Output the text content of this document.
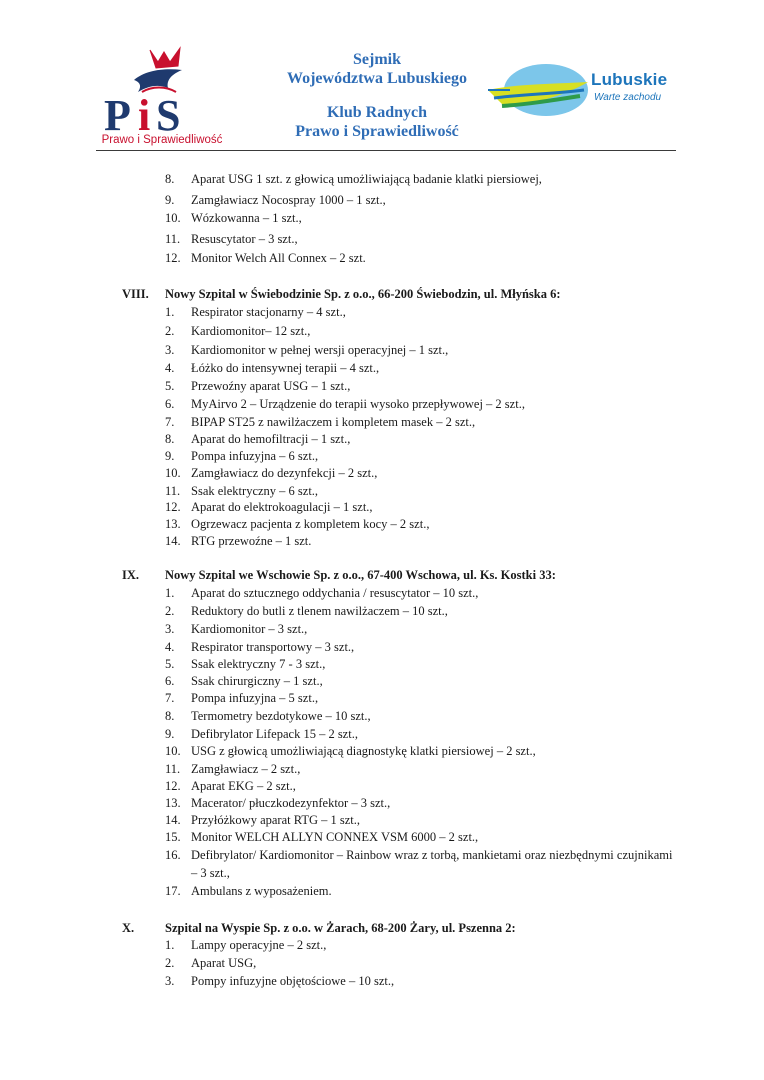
P i S
Prawo i Sprawiedliwość
Sejmik
Województwa Lubuskiego
Klub Radnych
Prawo i Sprawiedliwość
Lubuskie
Warte zachodu
8. Aparat USG 1 szt. z głowicą umożliwiającą badanie klatki piersiowej,
9. Zamgławiacz Nocospray 1000 – 1 szt.,
10. Wózkowanna – 1 szt.,
11. Resuscytator – 3 szt.,
12. Monitor Welch All Connex – 2 szt.
VIII. Nowy Szpital w Świebodzinie Sp. z o.o., 66-200 Świebodzin, ul. Młyńska 6:
1. Respirator stacjonarny – 4 szt.,
2. Kardiomonitor– 12 szt.,
3. Kardiomonitor w pełnej wersji operacyjnej – 1 szt.,
4. Łóżko do intensywnej terapii – 4 szt.,
5. Przewoźny aparat USG – 1 szt.,
6. MyAirvo 2 – Urządzenie do terapii wysoko przepływowej – 2 szt.,
7. BIPAP ST25 z nawilżaczem i kompletem masek – 2 szt.,
8. Aparat do hemofiltracji – 1 szt.,
9. Pompa infuzyjna – 6 szt.,
10. Zamgławiacz do dezynfekcji – 2 szt.,
11. Ssak elektryczny – 6 szt.,
12. Aparat do elektrokoagulacji – 1 szt.,
13. Ogrzewacz pacjenta z kompletem kocy – 2 szt.,
14. RTG przewoźne – 1 szt.
IX. Nowy Szpital we Wschowie Sp. z o.o., 67-400 Wschowa, ul. Ks. Kostki 33:
1. Aparat do sztucznego oddychania / resuscytator – 10 szt.,
2. Reduktory do butli z tlenem nawilżaczem – 10 szt.,
3. Kardiomonitor – 3 szt.,
4. Respirator transportowy – 3 szt.,
5. Ssak elektryczny 7 - 3 szt.,
6. Ssak chirurgiczny – 1 szt.,
7. Pompa infuzyjna – 5 szt.,
8. Termometry bezdotykowe – 10 szt.,
9. Defibrylator Lifepack 15 – 2 szt.,
10. USG z głowicą umożliwiającą diagnostykę klatki piersiowej – 2 szt.,
11. Zamgławiacz – 2 szt.,
12. Aparat EKG – 2 szt.,
13. Macerator/ płuczkodezynfektor – 3 szt.,
14. Przyłóżkowy aparat RTG – 1 szt.,
15. Monitor WELCH ALLYN CONNEX VSM 6000 – 2 szt.,
16. Defibrylator/ Kardiomonitor – Rainbow wraz z torbą, mankietami oraz niezbędnymi czujnikami
– 3 szt.,
17. Ambulans z wyposażeniem.
X. Szpital na Wyspie Sp. z o.o. w Żarach, 68-200 Żary, ul. Pszenna 2:
1. Lampy operacyjne – 2 szt.,
2. Aparat USG,
3. Pompy infuzyjne objętościowe – 10 szt.,
